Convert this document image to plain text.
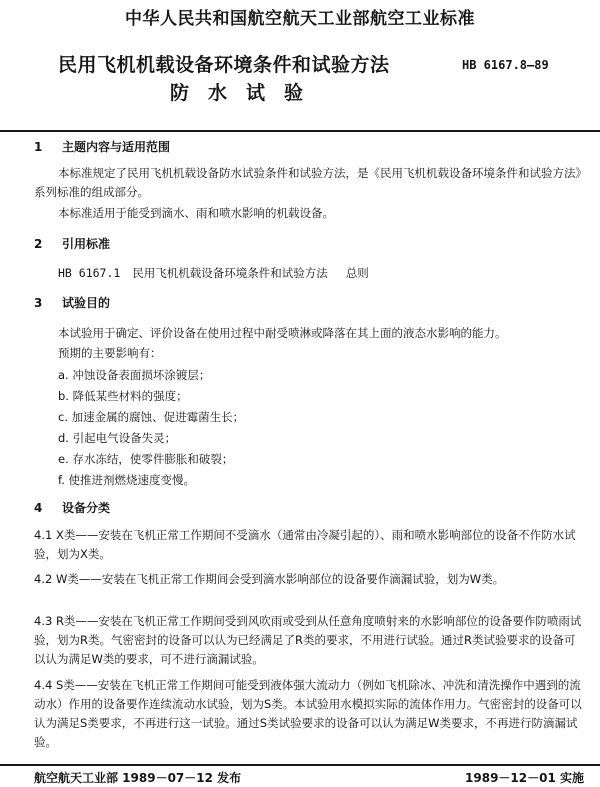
中华人民共和国航空航天工业部航空工业标准
民用飞机机载设备环境条件和试验方法
防水试验
HB 6167.8—89
1 主题内容与适用范围
本标准规定了民用飞机机载设备防水试验条件和试验方法，是《民用飞机机载设备环境条件和试验方法》系列标准的组成部分。
本标准适用于能受到滴水、雨和喷水影响的机载设备。
2 引用标准
HB 6167.1 民用飞机机载设备环境条件和试验方法 总则
3 试验目的
本试验用于确定、评价设备在使用过程中耐受喷淋或降落在其上面的液态水影响的能力。
预期的主要影响有：
a. 冲蚀设备表面损坏涂镀层；
b. 降低某些材料的强度；
c. 加速金属的腐蚀、促进霉菌生长；
d. 引起电气设备失灵；
e. 存水冻结，使零件膨胀和破裂；
f. 使推进剂燃烧速度变慢。
4 设备分类
4.1 X类——安装在飞机正常工作期间不受滴水（通常由冷凝引起的）、雨和喷水影响部位的设备不作防水试验，划为X类。
4.2 W类——安装在飞机正常工作期间会受到滴水影响部位的设备要作滴漏试验，划为W类。
4.3 R类——安装在飞机正常工作期间受到风吹雨或受到从任意角度喷射来的水影响部位的设备要作防喷雨试验，划为R类。气密密封的设备可以认为已经满足了R类的要求，不用进行试验。通过R类试验要求的设备可以认为满足W类的要求，可不进行滴漏试验。
4.4 S类——安装在飞机正常工作期间可能受到液体强大流动力（例如飞机除冰、冲洗和清洗操作中遇到的流动水）作用的设备要作连续流动水试验，划为S类。本试验用水模拟实际的流体作用力。气密密封的设备可以认为满足S类要求，不再进行这一试验。通过S类试验要求的设备可以认为满足W类要求，不再进行防滴漏试验。
航空航天工业部 1989－07－12 发布	1989－12－01 实施
